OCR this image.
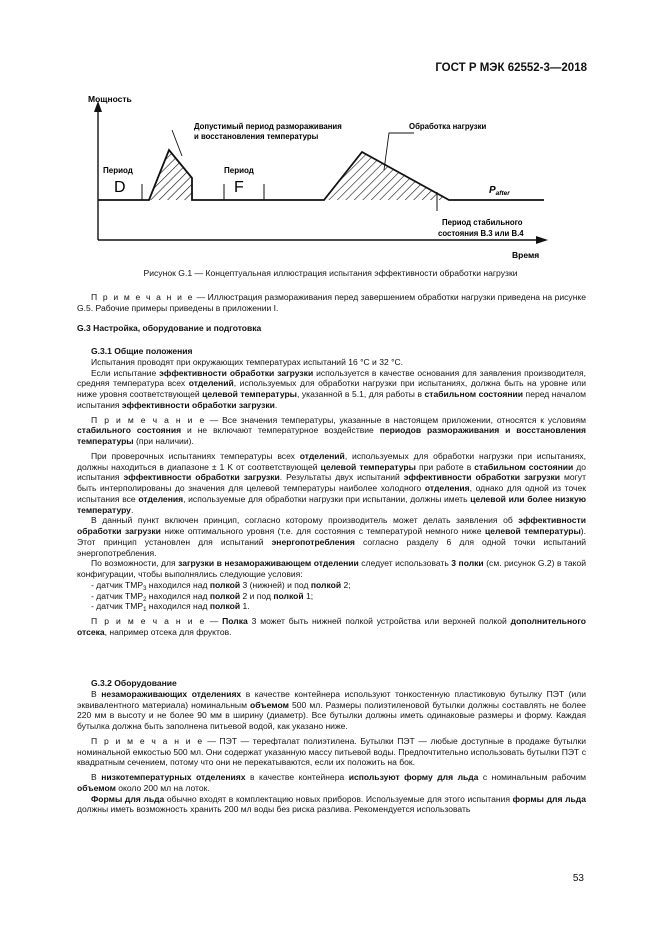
ГОСТ Р МЭК 62552-3—2018
Мощность
Время
Допустимый период размораживания
и восстановления температуры
Обработка нагрузки
Период
D
Период
F	$P_{after}$
Период стабильного
состояния В.3 или В.4
Рисунок G.1 — Концептуальная иллюстрация испытания эффективности обработки нагрузки

П р и м е ч а н и е — Иллюстрация размораживания перед завершением обработки нагрузки приведена на рисунке G.5. Рабочие примеры приведены в приложении I.

G.3 Настройка, оборудование и подготовка

G.3.1 Общие положения

Испытания проводят при окружающих температурах испытаний 16 °C и 32 °C.

Если испытание эффективности обработки загрузки используется в качестве основания для заявления производителя, средняя температура всех отделений, используемых для обработки нагрузки при испытаниях, должна быть на уровне или ниже уровня соответствующей целевой температуры, указанной в 5.1, для работы в стабильном состоянии перед началом испытания эффективности обработки загрузки.

П р и м е ч а н и е — Все значения температуры, указанные в настоящем приложении, относятся к условиям стабильного состояния и не включают температурное воздействие периодов размораживания и восстановления температуры (при наличии).

При проверочных испытаниях температуры всех отделений, используемых для обработки нагрузки при испытаниях, должны находиться в диапазоне ± 1 K от соответствующей целевой температуры при работе в стабильном состоянии до испытания эффективности обработки загрузки. Результаты двух испытаний эффективности обработки загрузки могут быть интерполированы до значения для целевой температуры наиболее холодного отделения, однако для одной из точек испытания все отделения, используемые для обработки нагрузки при испытании, должны иметь целевой или более низкую температуру.

В данный пункт включен принцип, согласно которому производитель может делать заявления об эффективности обработки загрузки ниже оптимального уровня (т.е. для состояния с температурой немного ниже целевой температуры). Этот принцип установлен для испытаний энергопотребления согласно разделу 6 для одной точки испытаний энергопотребления.

По возможности, для загрузки в незамораживающем отделении следует использовать 3 полки (см. рисунок G.2) в такой конфигурации, чтобы выполнялись следующие условия:

- датчик $TMP_3$ находился над полкой 3 (нижней) и под полкой 2;

- датчик $TMP_2$ находился над полкой 2 и под полкой 1;

- датчик $TMP_1$ находился над полкой 1.

П р и м е ч а н и е — Полка 3 может быть нижней полкой устройства или верхней полкой дополнительного отсека, например отсека для фруктов.

G.3.2 Оборудование

В незамораживающих отделениях в качестве контейнера используют тонкостенную пластиковую бутылку ПЭТ (или эквивалентного материала) номинальным объемом 500 мл. Размеры полиэтиленовой бутылки должны составлять не более 220 мм в высоту и не более 90 мм в ширину (диаметр). Все бутылки должны иметь одинаковые размеры и форму. Каждая бутылка должна быть заполнена питьевой водой, как указано ниже.

П р и м е ч а н и е — ПЭТ — терефталат полиэтилена. Бутылки ПЭТ — любые доступные в продаже бутылки номинальной емкостью 500 мл. Они содержат указанную массу питьевой воды. Предпочтительно использовать бутылки ПЭТ с квадратным сечением, потому что они не перекатываются, если их положить на бок.

В низкотемпературных отделениях в качестве контейнера используют форму для льда с номинальным рабочим объемом около 200 мл на лоток.

Формы для льда обычно входят в комплектацию новых приборов. Используемые для этого испытания формы для льда должны иметь возможность хранить 200 мл воды без риска разлива. Рекомендуется использовать

53
